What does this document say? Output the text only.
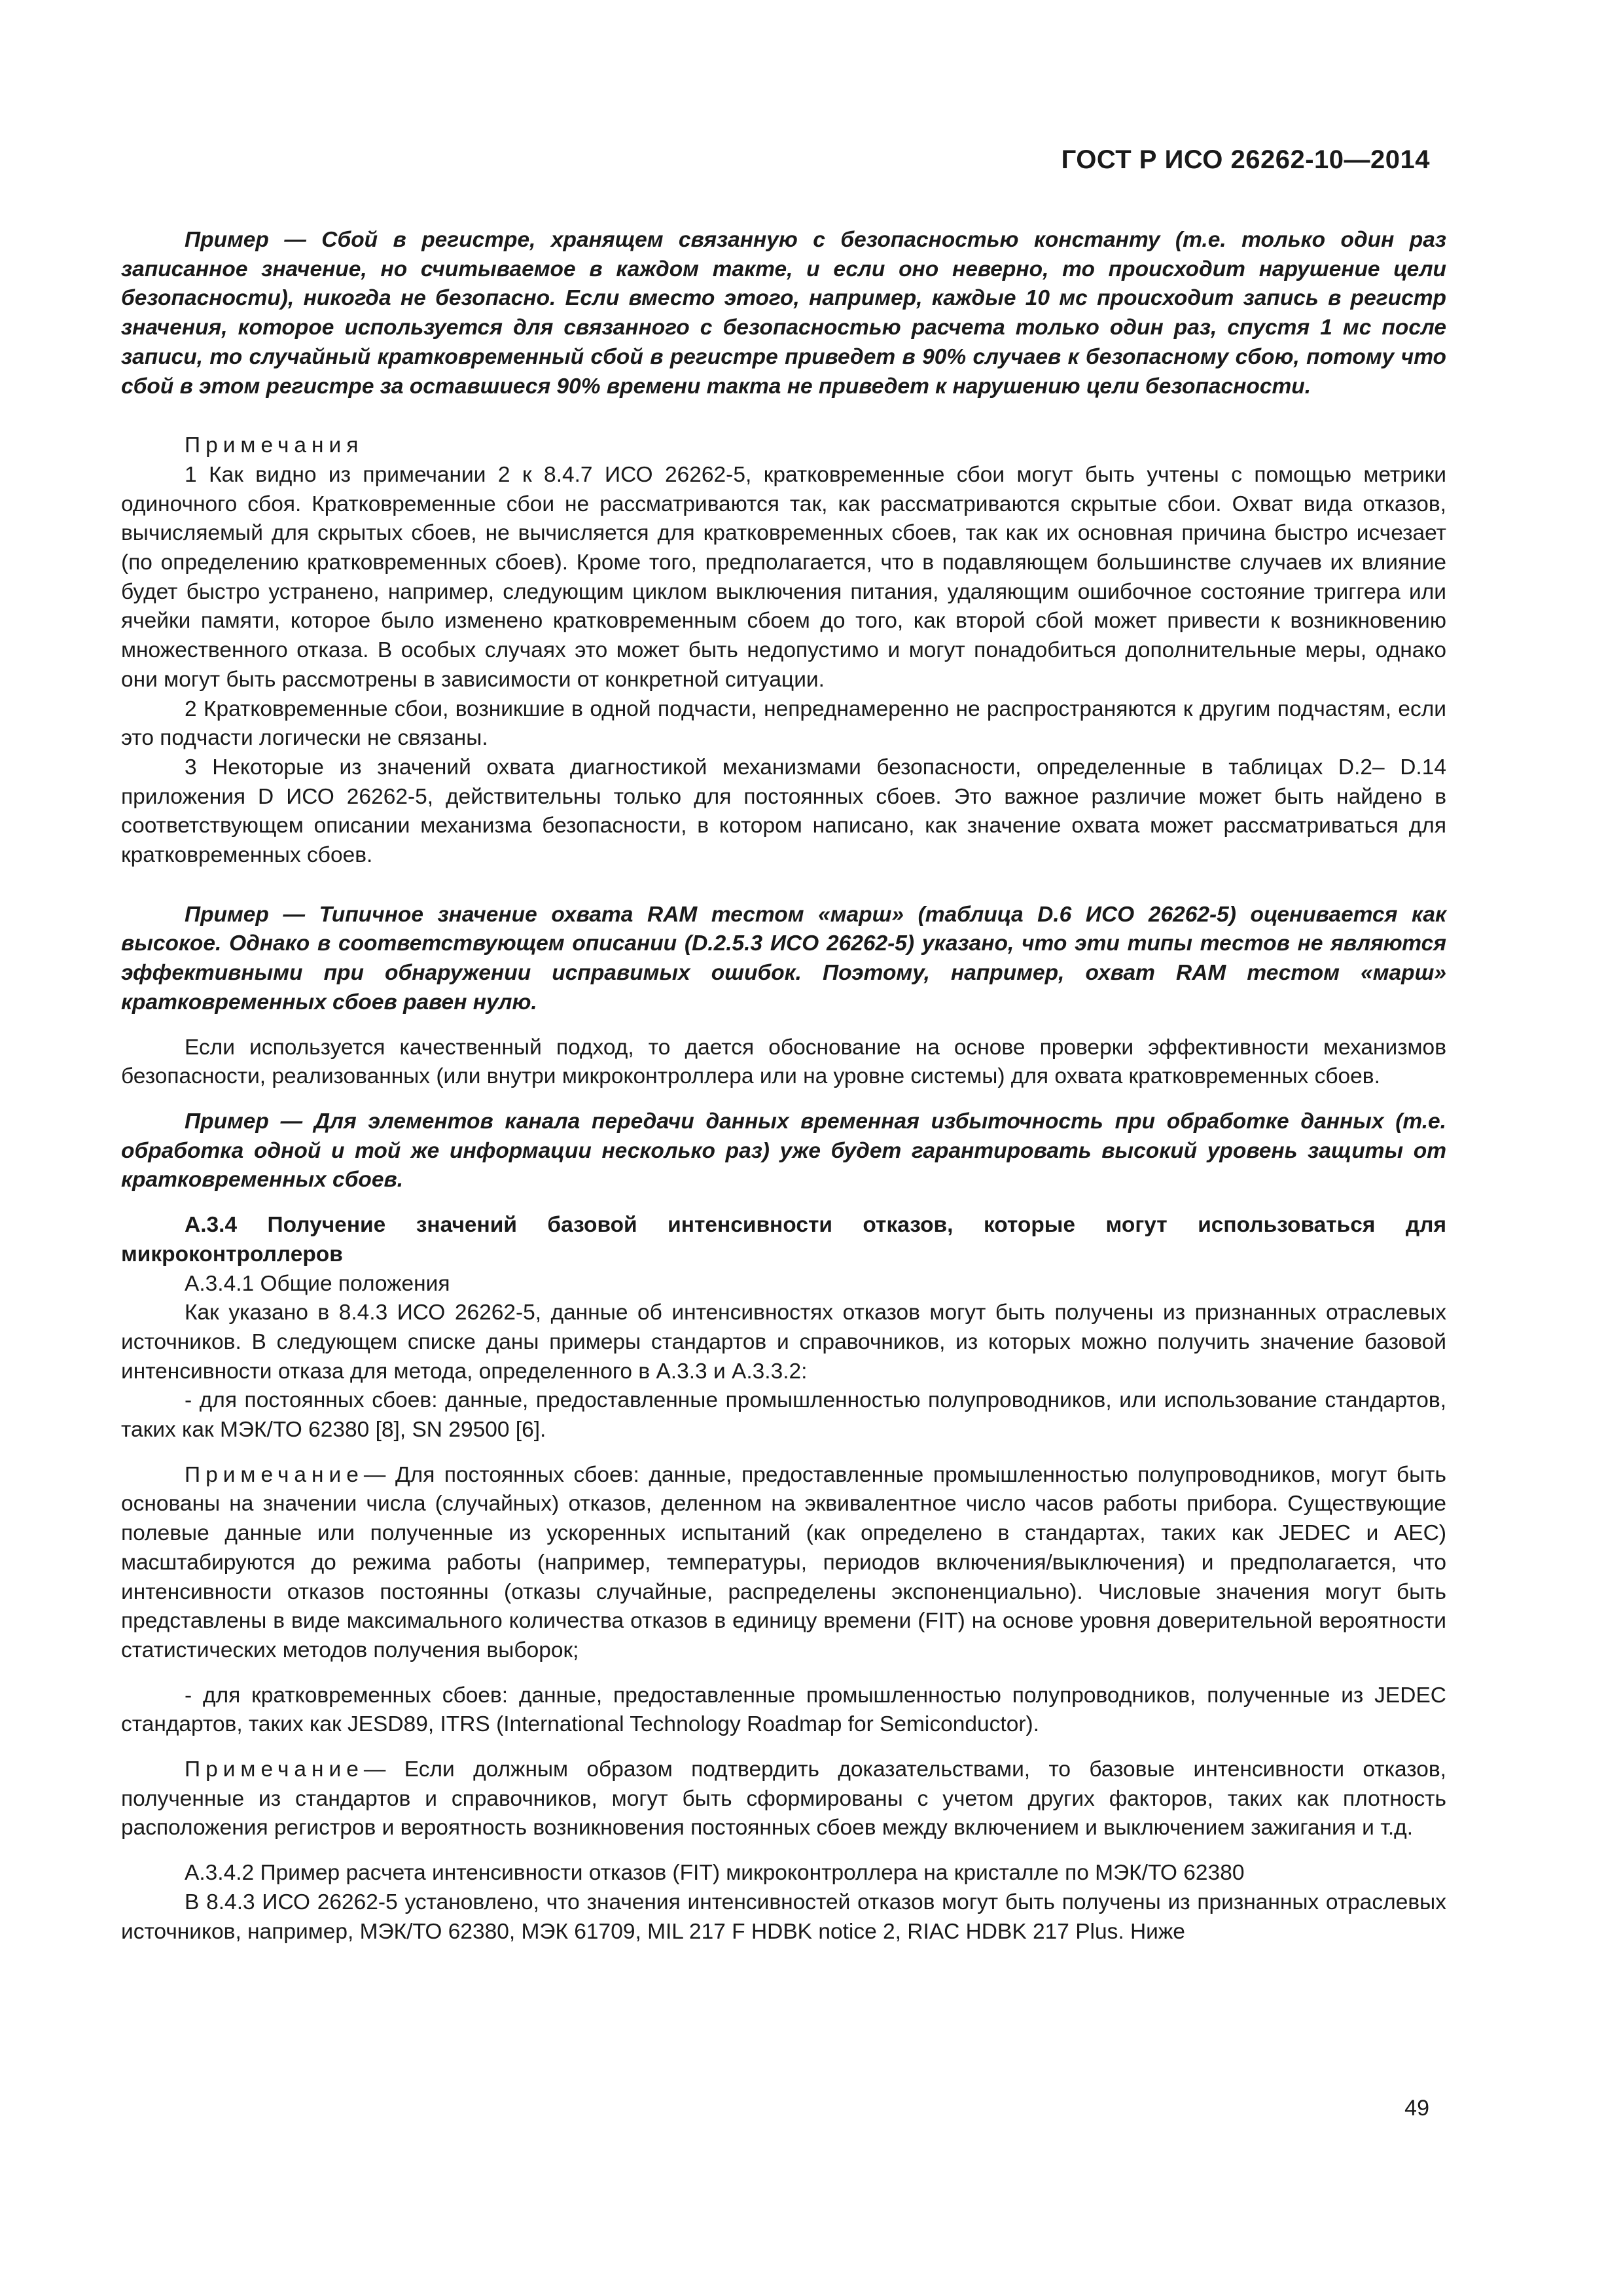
ГОСТ Р ИСО 26262-10—2014

Пример — Сбой в регистре, хранящем связанную с безопасностью константу (т.е. только один раз записанное значение, но считываемое в каждом такте, и если оно неверно, то происходит нарушение цели безопасности), никогда не безопасно. Если вместо этого, например, каждые 10 мс происходит запись в регистр значения, которое используется для связанного с безопасностью расчета только один раз, спустя 1 мс после записи, то случайный кратковременный сбой в регистре приведет в 90% случаев к безопасному сбою, потому что сбой в этом регистре за оставшиеся 90% времени такта не приведет к нарушению цели безопасности.

Примечания

1 Как видно из примечании 2 к 8.4.7 ИСО 26262-5, кратковременные сбои могут быть учтены с помощью метрики одиночного сбоя. Кратковременные сбои не рассматриваются так, как рассматриваются скрытые сбои. Охват вида отказов, вычисляемый для скрытых сбоев, не вычисляется для кратковременных сбоев, так как их основная причина быстро исчезает (по определению кратковременных сбоев). Кроме того, предполагается, что в подавляющем большинстве случаев их влияние будет быстро устранено, например, следующим циклом выключения питания, удаляющим ошибочное состояние триггера или ячейки памяти, которое было изменено кратковременным сбоем до того, как второй сбой может привести к возникновению множественного отказа. В особых случаях это может быть недопустимо и могут понадобиться дополнительные меры, однако они могут быть рассмотрены в зависимости от конкретной ситуации.

2 Кратковременные сбои, возникшие в одной подчасти, непреднамеренно не распространяются к другим подчастям, если это подчасти логически не связаны.

3 Некоторые из значений охвата диагностикой механизмами безопасности, определенные в таблицах D.2– D.14 приложения D ИСО 26262-5, действительны только для постоянных сбоев. Это важное различие может быть найдено в соответствующем описании механизма безопасности, в котором написано, как значение охвата может рассматриваться для кратковременных сбоев.

Пример — Типичное значение охвата RAM тестом «марш» (таблица D.6 ИСО 26262-5) оценивается как высокое. Однако в соответствующем описании (D.2.5.3 ИСО 26262-5) указано, что эти типы тестов не являются эффективными при обнаружении исправимых ошибок. Поэтому, например, охват RAM тестом «марш» кратковременных сбоев равен нулю.

Если используется качественный подход, то дается обоснование на основе проверки эффективности механизмов безопасности, реализованных (или внутри микроконтроллера или на уровне системы) для охвата кратковременных сбоев.

Пример — Для элементов канала передачи данных временная избыточность при обработке данных (т.е. обработка одной и той же информации несколько раз) уже будет гарантировать высокий уровень защиты от кратковременных сбоев.

А.3.4 Получение значений базовой интенсивности отказов, которые могут использоваться для микроконтроллеров

А.3.4.1 Общие положения

Как указано в 8.4.3 ИСО 26262-5, данные об интенсивностях отказов могут быть получены из признанных отраслевых источников. В следующем списке даны примеры стандартов и справочников, из которых можно получить значение базовой интенсивности отказа для метода, определенного в А.3.3 и А.3.3.2:

- для постоянных сбоев: данные, предоставленные промышленностью полупроводников, или использование стандартов, таких как МЭК/ТО 62380 [8], SN 29500 [6].

Примечание— Для постоянных сбоев: данные, предоставленные промышленностью полупроводников, могут быть основаны на значении числа (случайных) отказов, деленном на эквивалентное число часов работы прибора. Существующие полевые данные или полученные из ускоренных испытаний (как определено в стандартах, таких как JEDEC и AEC) масштабируются до режима работы (например, температуры, периодов включения/выключения) и предполагается, что интенсивности отказов постоянны (отказы случайные, распределены экспоненциально). Числовые значения могут быть представлены в виде максимального количества отказов в единицу времени (FIT) на основе уровня доверительной вероятности статистических методов получения выборок;

- для кратковременных сбоев: данные, предоставленные промышленностью полупроводников, полученные из JEDEC стандартов, таких как JESD89, ITRS (International Technology Roadmap for Semiconductor).

Примечание— Если должным образом подтвердить доказательствами, то базовые интенсивности отказов, полученные из стандартов и справочников, могут быть сформированы с учетом других факторов, таких как плотность расположения регистров и вероятность возникновения постоянных сбоев между включением и выключением зажигания и т.д.

А.3.4.2 Пример расчета интенсивности отказов (FIT) микроконтроллера на кристалле по МЭК/ТО 62380

В 8.4.3 ИСО 26262-5 установлено, что значения интенсивностей отказов могут быть получены из признанных отраслевых источников, например, МЭК/ТО 62380, МЭК 61709, MIL 217 F HDBK notice 2, RIAC HDBK 217 Plus. Ниже

49
